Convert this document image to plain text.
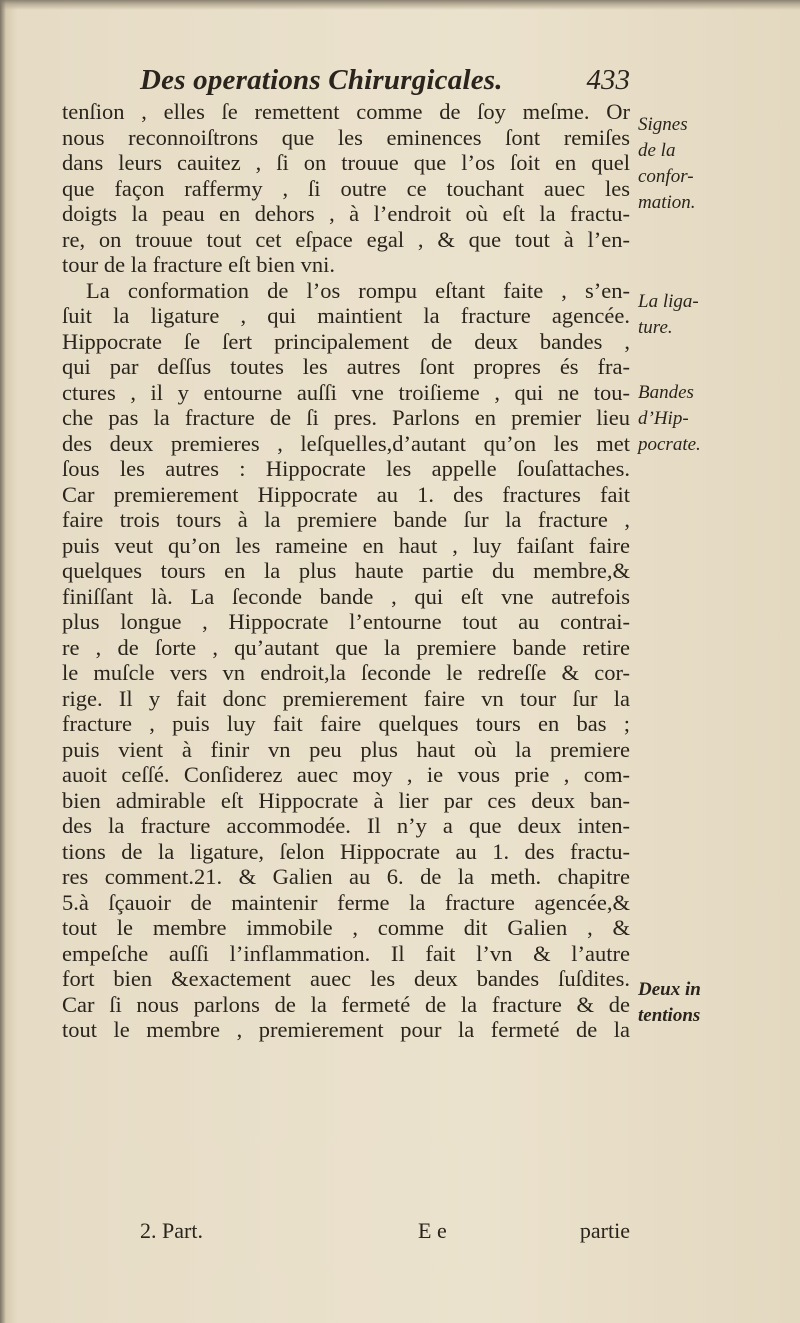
Des operations Chirurgicales.	433
tenſion , elles ſe remettent comme de ſoy meſme. Or
nous reconnoiſtrons que les eminences ſont remiſes
dans leurs cauitez , ſi on trouue que l’os ſoit en quel
que façon raffermy , ſi outre ce touchant auec les
doigts la peau en dehors , à l’endroit où eſt la fractu-
re, on trouue tout cet eſpace egal , & que tout à l’en-
tour de la fracture eſt bien vni.
La conformation de l’os rompu eſtant faite , s’en-
ſuit la ligature , qui maintient la fracture agencée.
Hippocrate ſe ſert principalement de deux bandes ,
qui par deſſus toutes les autres ſont propres és fra-
ctures , il y entourne auſſi vne troiſieme , qui ne tou-
che pas la fracture de ſi pres. Parlons en premier lieu
des deux premieres , leſquelles,d’autant qu’on les met
ſous les autres : Hippocrate les appelle ſouſattaches.
Car premierement Hippocrate au 1. des fractures fait
faire trois tours à la premiere bande ſur la fracture ,
puis veut qu’on les rameine en haut , luy faiſant faire
quelques tours en la plus haute partie du membre,&
finiſſant là. La ſeconde bande , qui eſt vne autrefois
plus longue , Hippocrate l’entourne tout au contrai-
re , de ſorte , qu’autant que la premiere bande retire
le muſcle vers vn endroit,la ſeconde le redreſſe & cor-
rige. Il y fait donc premierement faire vn tour ſur la
fracture , puis luy fait faire quelques tours en bas ;
puis vient à finir vn peu plus haut où la premiere
auoit ceſſé. Conſiderez auec moy , ie vous prie , com-
bien admirable eſt Hippocrate à lier par ces deux ban-
des la fracture accommodée. Il n’y a que deux inten-
tions de la ligature, ſelon Hippocrate au 1. des fractu-
res comment.21. & Galien au 6. de la meth. chapitre
5.à ſçauoir de maintenir ferme la fracture agencée,&
tout le membre immobile , comme dit Galien , &
empeſche auſſi l’inflammation. Il fait l’vn & l’autre
fort bien &exactement auec les deux bandes ſuſdites.
Car ſi nous parlons de la fermeté de la fracture & de
tout le membre , premierement pour la fermeté de la
Signes
de la
confor-
mation.
La liga-
ture.
Bandes
d’Hip-
pocrate.
Deux in
tentions
2. Part.	E e	partie
